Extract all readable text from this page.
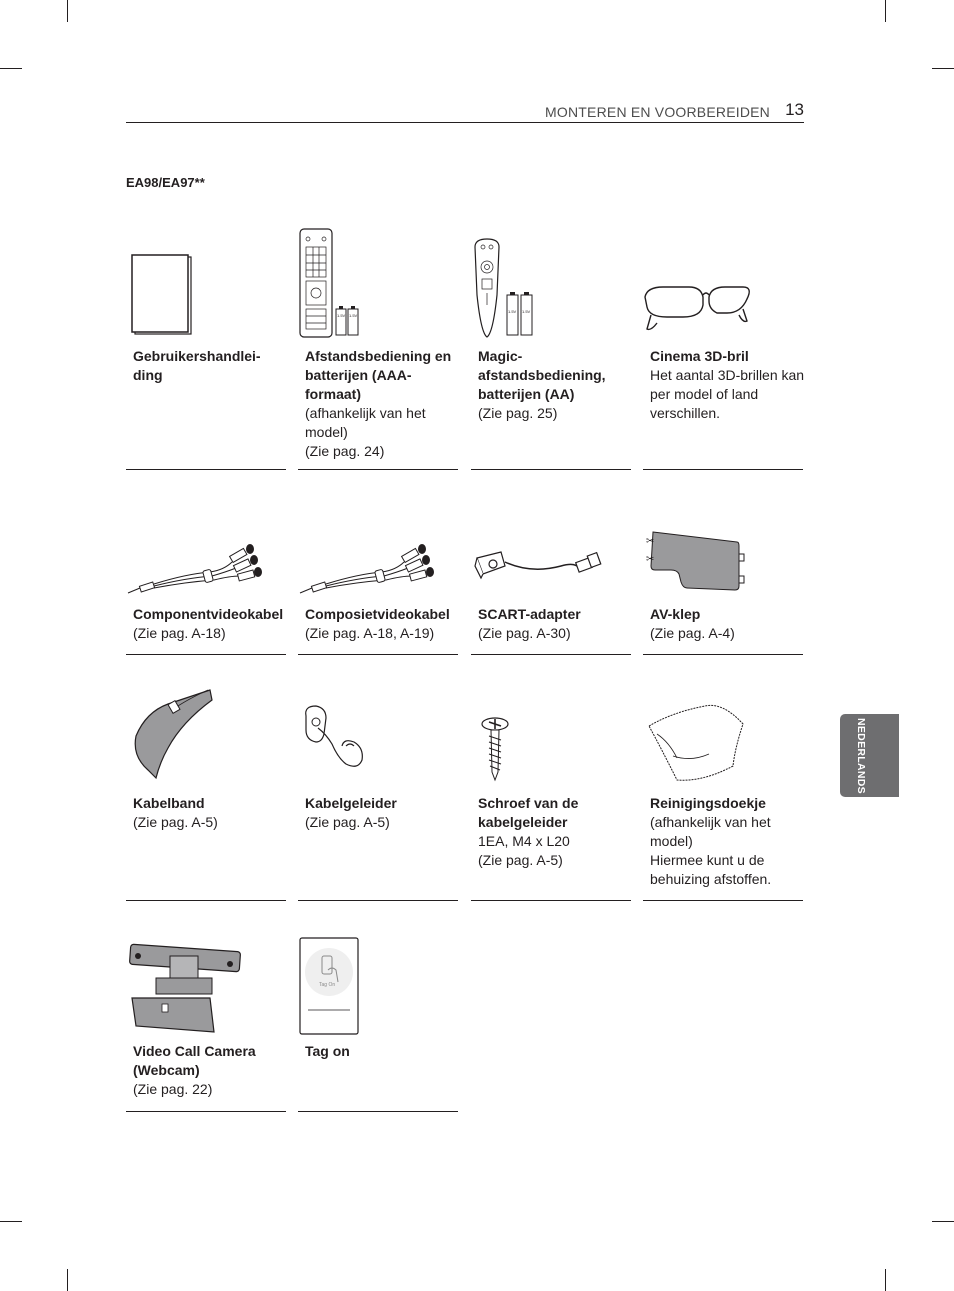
MONTEREN EN VOORBEREIDEN 13
EA98/EA97**
Gebruikershandlei-
ding
1.5V 1.5V
Afstandsbediening en batterijen (AAA-formaat)
(afhankelijk van het model)
(Zie pag. 24)
1.5V 1.5V
Magic-
afstandsbediening, batterijen (AA)
(Zie pag. 25)
Cinema 3D-bril
Het aantal 3D-brillen kan per model of land verschillen.
Componentvideokabel
(Zie pag. A-18)
Composietvideokabel
(Zie pag. A-18, A-19)
SCART-adapter
(Zie pag. A-30)
✂
✂
AV-klep
(Zie pag. A-4)
Kabelband
(Zie pag. A-5)
Kabelgeleider
(Zie pag. A-5)
Schroef van de kabelgeleider
1EA, M4 x L20
(Zie pag. A-5)
Reinigingsdoekje
(afhankelijk van het model)
Hiermee kunt u de behuizing afstoffen.
Video Call Camera (Webcam)
(Zie pag. 22)
Tag On
Tag on
NEDERLANDS
